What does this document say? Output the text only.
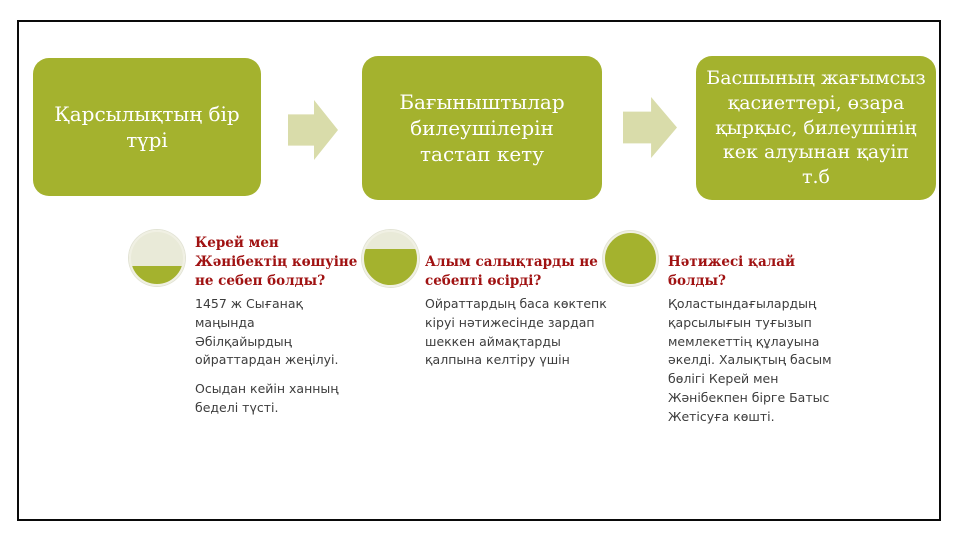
Қарсылықтың бір түрі
Бағыныштылар билеушілерін тастап кету
Басшының жағымсыз қасиеттері, өзара қырқыс, билеушінің кек алуынан қауіп т.б
Керей мен Жәнібектің көшуіне не себеп болды?

1457 ж Сығанақ маңында Әбілқайырдың ойраттардан жеңілуі.

Осыдан кейін ханның беделі түсті.

Алым салықтарды не себепті өсірді?

Ойраттардың баса көктепк кіруі нәтижесінде зардап шеккен аймақтарды қалпына келтіру үшін

Нәтижесі қалай болды?

Қоластындағылардың қарсылығын туғызып мемлекеттің құлауына әкелді. Халықтың басым бөлігі Керей мен Жәнібекпен бірге Батыс Жетісуға көшті.
